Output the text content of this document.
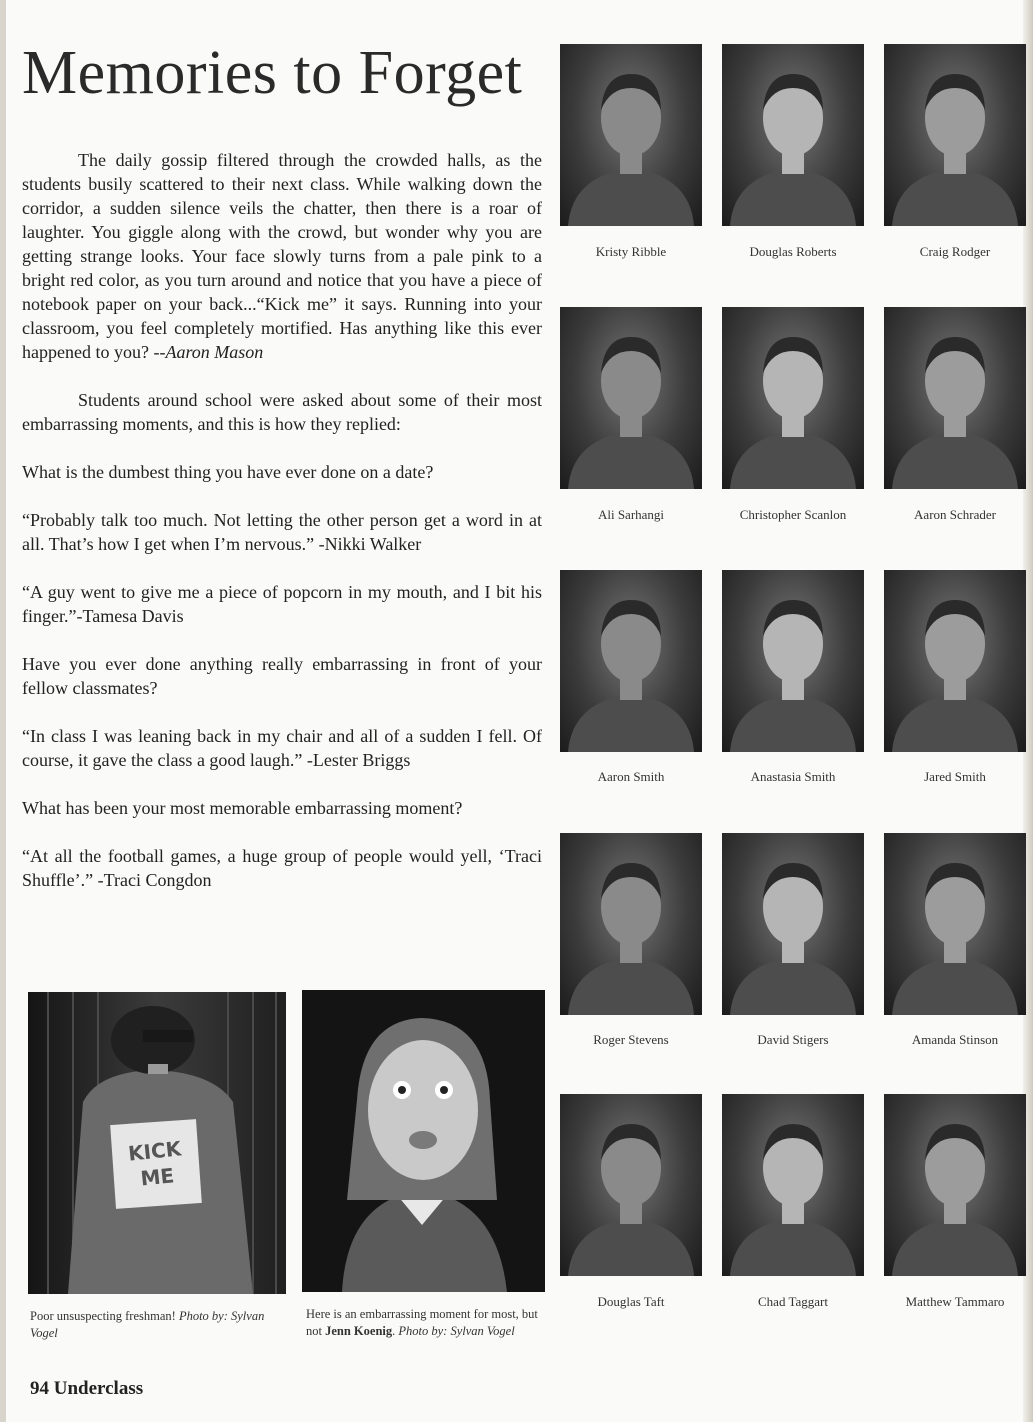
Memories to Forget

The daily gossip filtered through the crowded halls, as the students busily scattered to their next class. While walking down the corridor, a sudden silence veils the chatter, then there is a roar of laughter. You giggle along with the crowd, but wonder why you are getting strange looks. Your face slowly turns from a pale pink to a bright red color, as you turn around and notice that you have a piece of notebook paper on your back...“Kick me” it says. Running into your classroom, you feel completely mortified. Has anything like this ever happened to you? --Aaron Mason

Students around school were asked about some of their most embarrassing moments, and this is how they replied:

What is the dumbest thing you have ever done on a date?

“Probably talk too much. Not letting the other person get a word in at all. That’s how I get when I’m nervous.” -Nikki Walker

“A guy went to give me a piece of popcorn in my mouth, and I bit his finger.”-Tamesa Davis

Have you ever done anything really embarrassing in front of your fellow classmates?

“In class I was leaning back in my chair and all of a sudden I fell. Of course, it gave the class a good laugh.” -Lester Briggs

What has been your most memorable embarrassing moment?

“At all the football games, a huge group of people would yell, ‘Traci Shuffle’.” -Traci Congdon

KICK ME
Poor unsuspecting freshman! Photo by: Sylvan Vogel
Here is an embarrassing moment for most, but not Jenn Koenig. Photo by: Sylvan Vogel
94 Underclass
Kristy Ribble	Douglas Roberts	Craig Rodger
Ali Sarhangi	Christopher Scanlon	Aaron Schrader
Aaron Smith	Anastasia Smith	Jared Smith
Roger Stevens	David Stigers	Amanda Stinson
Douglas Taft	Chad Taggart	Matthew Tammaro
